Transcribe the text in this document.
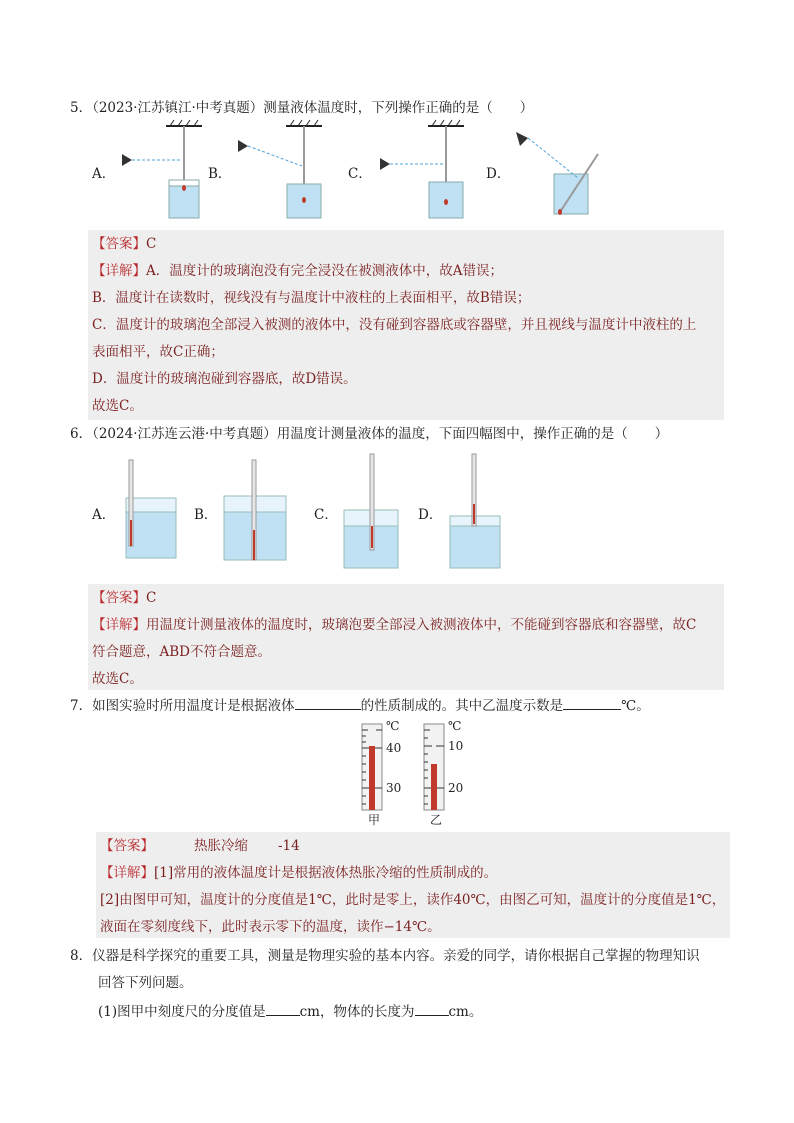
5．（2023·江苏镇江·中考真题）测量液体温度时，下列操作正确的是（　　）
A．	B．	C．	D．
【答案】C
【详解】A．温度计的玻璃泡没有完全浸没在被测液体中，故A错误；
B．温度计在读数时，视线没有与温度计中液柱的上表面相平，故B错误；
C．温度计的玻璃泡全部浸入被测的液体中，没有碰到容器底或容器壁，并且视线与温度计中液柱的上
表面相平，故C正确；
D．温度计的玻璃泡碰到容器底，故D错误。
故选C。
6．（2024·江苏连云港·中考真题）用温度计测量液体的温度，下面四幅图中，操作正确的是（　　）
A．	B．	C．	D．
【答案】C
【详解】用温度计测量液体的温度时，玻璃泡要全部浸入被测液体中，不能碰到容器底和容器壁，故C
符合题意，ABD不符合题意。
故选C。
7．如图实验时所用温度计是根据液体	的性质制成的。其中乙温度示数是	℃。
℃
40
30
甲
℃
10
20
乙
【答案】	热胀冷缩 -14
【详解】[1]常用的液体温度计是根据液体热胀冷缩的性质制成的。
[2]由图甲可知，温度计的分度值是1℃，此时是零上，读作40℃，由图乙可知，温度计的分度值是1℃，
液面在零刻度线下，此时表示零下的温度，读作−14℃。
8．仪器是科学探究的重要工具，测量是物理实验的基本内容。亲爱的同学，请你根据自己掌握的物理知识
回答下列问题。
(1)图甲中刻度尺的分度值是	cm，物体的长度为	cm。
